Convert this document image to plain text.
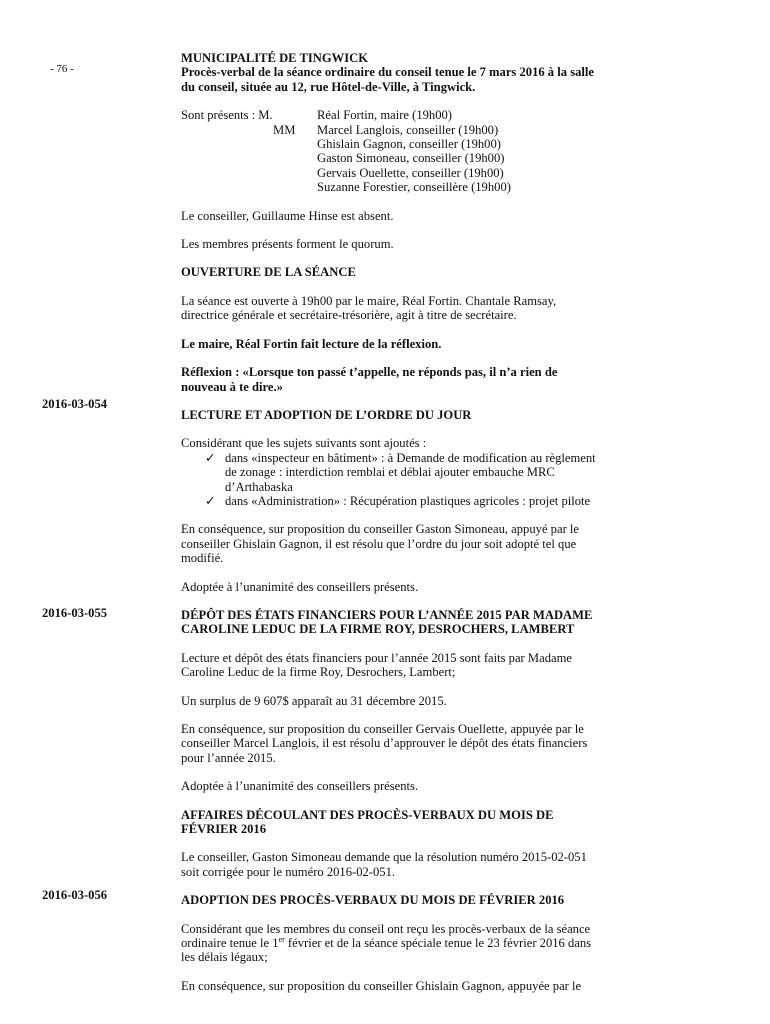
- 76 -
2016-03-054
2016-03-055
2016-03-056

MUNICIPALITÉ DE TINGWICK

Procès-verbal de la séance ordinaire du conseil tenue le 7 mars 2016 à la salle

du conseil, située au 12, rue Hôtel-de-Ville, à Tingwick.

Sont présents : M.
MM
Réal Fortin, maire (19h00)
Marcel Langlois, conseiller (19h00)
Ghislain Gagnon, conseiller (19h00)
Gaston Simoneau, conseiller (19h00)
Gervais Ouellette, conseiller (19h00)
Suzanne Forestier, conseillère (19h00)

Le conseiller, Guillaume Hinse est absent.

Les membres présents forment le quorum.

OUVERTURE DE LA SÉANCE

La séance est ouverte à 19h00 par le maire, Réal Fortin. Chantale Ramsay,

directrice générale et secrétaire-trésorière, agit à titre de secrétaire.

Le maire, Réal Fortin fait lecture de la réflexion.

Réflexion : «Lorsque ton passé t’appelle, ne réponds pas, il n’a rien de

nouveau à te dire.»

LECTURE ET ADOPTION DE L’ORDRE DU JOUR

Considérant que les sujets suivants sont ajoutés :

✓ dans «inspecteur en bâtiment» : à Demande de modification au règlement
de zonage : interdiction remblai et déblai ajouter embauche MRC
d’Arthabaska
✓ dans «Administration» : Récupération plastiques agricoles : projet pilote

En conséquence, sur proposition du conseiller Gaston Simoneau, appuyé par le

conseiller Ghislain Gagnon, il est résolu que l’ordre du jour soit adopté tel que

modifié.

Adoptée à l’unanimité des conseillers présents.

DÉPÔT DES ÉTATS FINANCIERS POUR L’ANNÉE 2015 PAR MADAME

CAROLINE LEDUC DE LA FIRME ROY, DESROCHERS, LAMBERT

Lecture et dépôt des états financiers pour l’année 2015 sont faits par Madame

Caroline Leduc de la firme Roy, Desrochers, Lambert;

Un surplus de 9 607$ apparaît au 31 décembre 2015.

En conséquence, sur proposition du conseiller Gervais Ouellette, appuyée par le

conseiller Marcel Langlois, il est résolu d’approuver le dépôt des états financiers

pour l’année 2015.

Adoptée à l’unanimité des conseillers présents.

AFFAIRES DÉCOULANT DES PROCÈS-VERBAUX DU MOIS DE

FÉVRIER 2016

Le conseiller, Gaston Simoneau demande que la résolution numéro 2015-02-051

soit corrigée pour le numéro 2016-02-051.

ADOPTION DES PROCÈS-VERBAUX DU MOIS DE FÉVRIER 2016

Considérant que les membres du conseil ont reçu les procès-verbaux de la séance

ordinaire tenue le 1er février et de la séance spéciale tenue le 23 février 2016 dans

les délais légaux;

En conséquence, sur proposition du conseiller Ghislain Gagnon, appuyée par le
